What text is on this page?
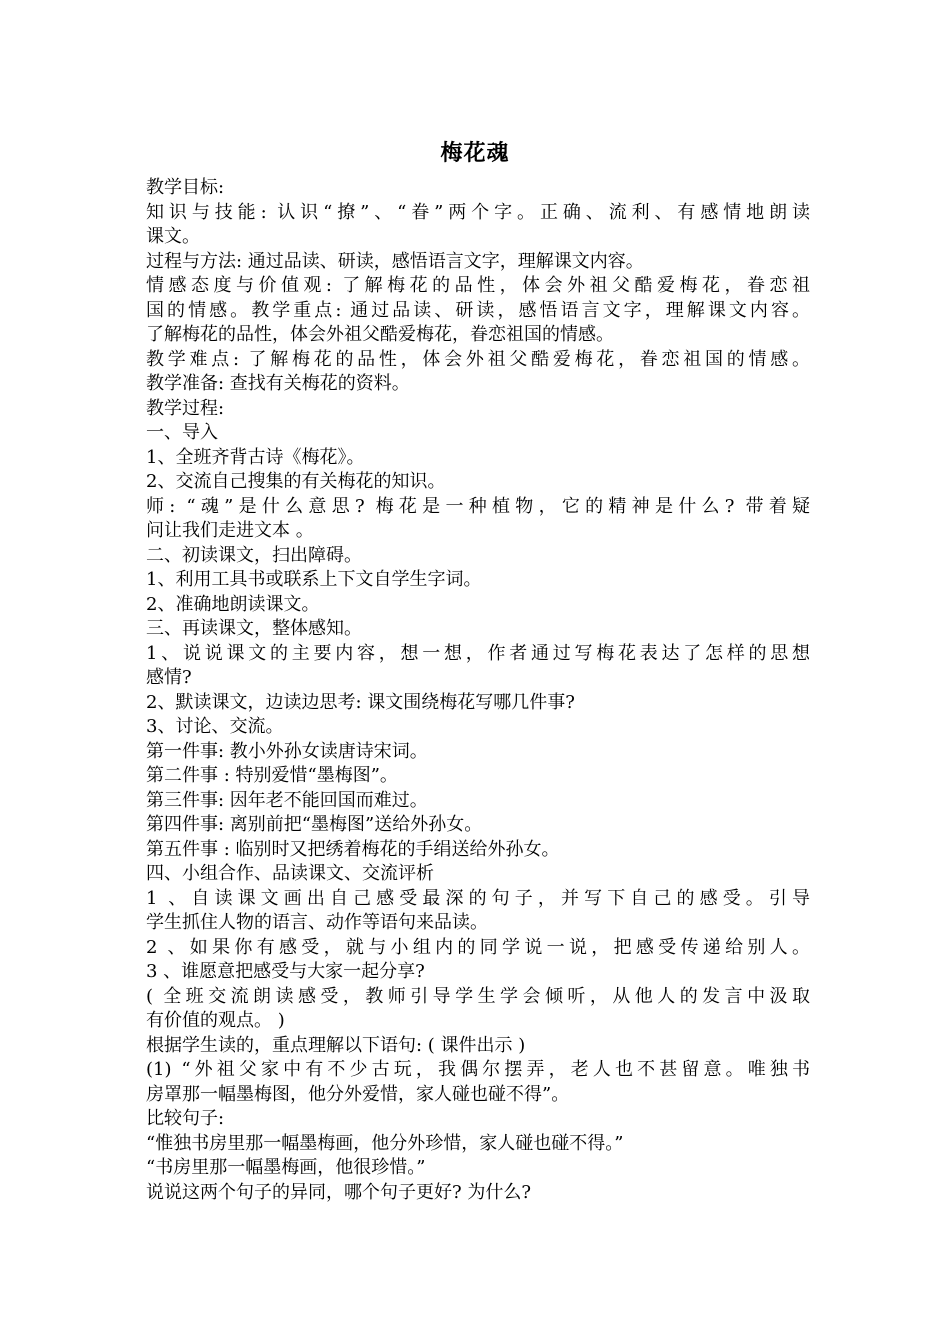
梅花魂
教学目标:
知识与技能: 认识“撩”、“眷”两个字。正确、流利、有感情地朗读
课文。
过程与方法: 通过品读、研读，感悟语言文字，理解课文内容。
情感态度与价值观: 了解梅花的品性，体会外祖父酷爱梅花，眷恋祖
国的情感。教学重点: 通过品读、研读，感悟语言文字，理解课文内容。
了解梅花的品性，体会外祖父酷爱梅花，眷恋祖国的情感。
教学难点: 了解梅花的品性，体会外祖父酷爱梅花，眷恋祖国的情感。
教学准备: 查找有关梅花的资料。
教学过程:
一、导入
1、全班齐背古诗《梅花》。
2、交流自己搜集的有关梅花的知识。
师: “魂”是什么意思? 梅花是一种植物，它的精神是什么? 带着疑
问让我们走进文本 。
二、初读课文，扫出障碍。
1、利用工具书或联系上下文自学生字词。
2、准确地朗读课文。
三、再读课文，整体感知。
1、说说课文的主要内容，想一想，作者通过写梅花表达了怎样的思想
感情?
2、默读课文，边读边思考: 课文围绕梅花写哪几件事?
3、讨论、交流。
第一件事: 教小外孙女读唐诗宋词。
第二件事 : 特别爱惜“墨梅图”。
第三件事: 因年老不能回国而难过。
第四件事: 离别前把“墨梅图”送给外孙女。
第五件事 : 临别时又把绣着梅花的手绢送给外孙女。
四、小组合作、品读课文、交流评析
1 、自读课文画出自己感受最深的句子，并写下自己的感受。引导
学生抓住人物的语言、动作等语句来品读。
2 、如果你有感受，就与小组内的同学说一说，把感受传递给别人。
3 、谁愿意把感受与大家一起分享?
( 全班交流朗读感受，教师引导学生学会倾听，从他人的发言中汲取
有价值的观点。 )
根据学生读的，重点理解以下语句: ( 课件出示 )
(1) “外祖父家中有不少古玩，我偶尔摆弄，老人也不甚留意。唯独书
房罩那一幅墨梅图，他分外爱惜，家人碰也碰不得”。
比较句子:
“惟独书房里那一幅墨梅画，他分外珍惜，家人碰也碰不得。”
“书房里那一幅墨梅画，他很珍惜。”
说说这两个句子的异同，哪个句子更好? 为什么?
